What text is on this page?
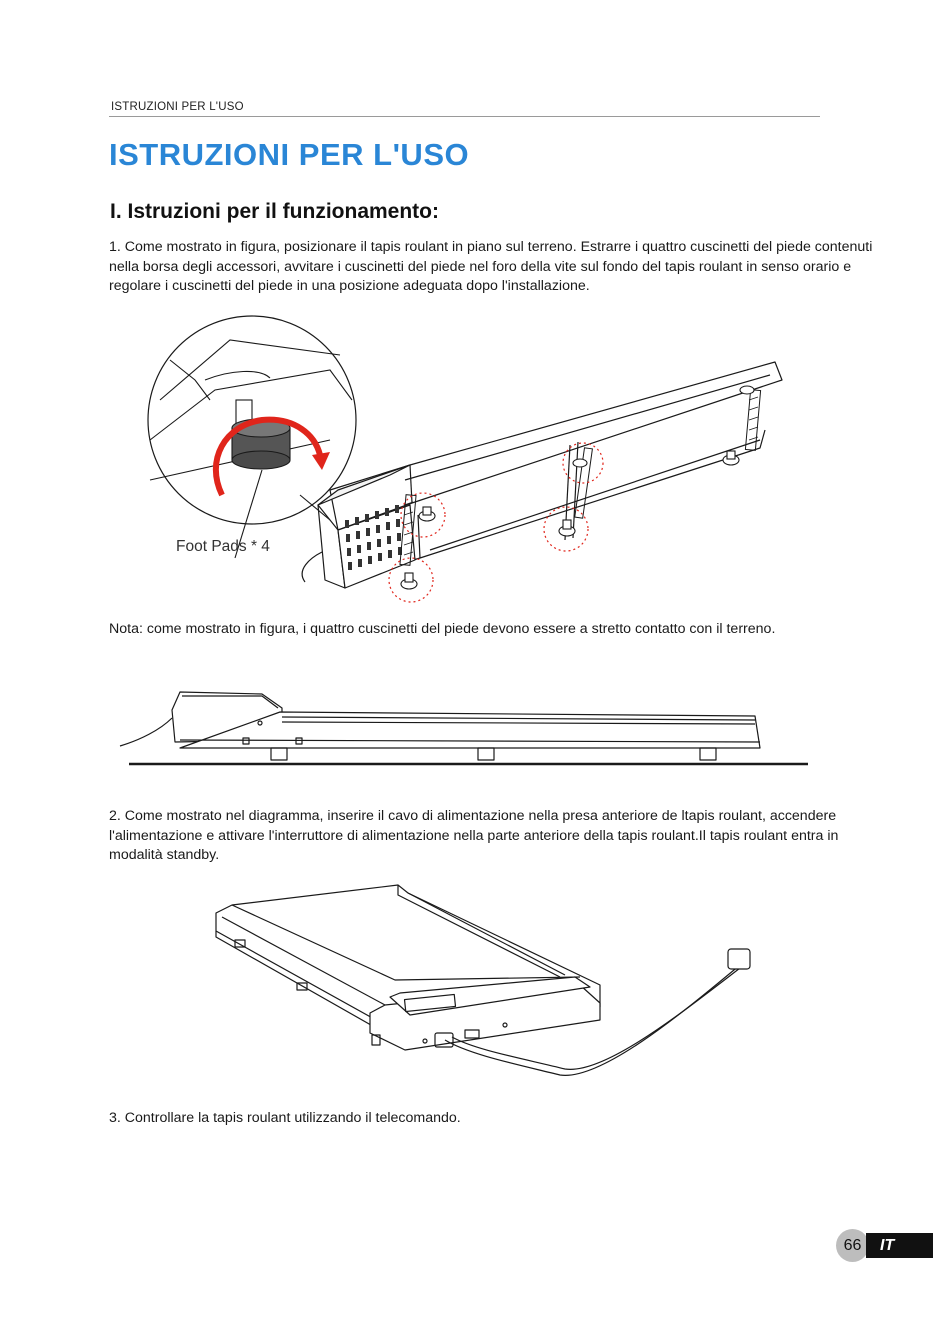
ISTRUZIONI PER L'USO
ISTRUZIONI PER L'USO
I. Istruzioni per il funzionamento:
1. Come mostrato in figura, posizionare il tapis roulant in piano sul terreno. Estrarre i quattro cuscinetti del piede contenuti nella borsa degli accessori, avvitare i cuscinetti del piede nel foro della vite sul fondo del tapis roulant in senso orario e regolare i cuscinetti del piede in una posizione adeguata dopo l'installazione.
Foot Pads * 4
Nota: come mostrato in figura, i quattro cuscinetti del piede devono essere a stretto contatto con il terreno.
2. Come mostrato nel diagramma, inserire il cavo di alimentazione nella presa anteriore de ltapis roulant, accendere l'alimentazione e attivare l'interruttore di alimentazione nella parte anteriore della tapis roulant.Il tapis roulant entra in modalità standby.
3. Controllare la tapis roulant utilizzando il telecomando.
66	IT
